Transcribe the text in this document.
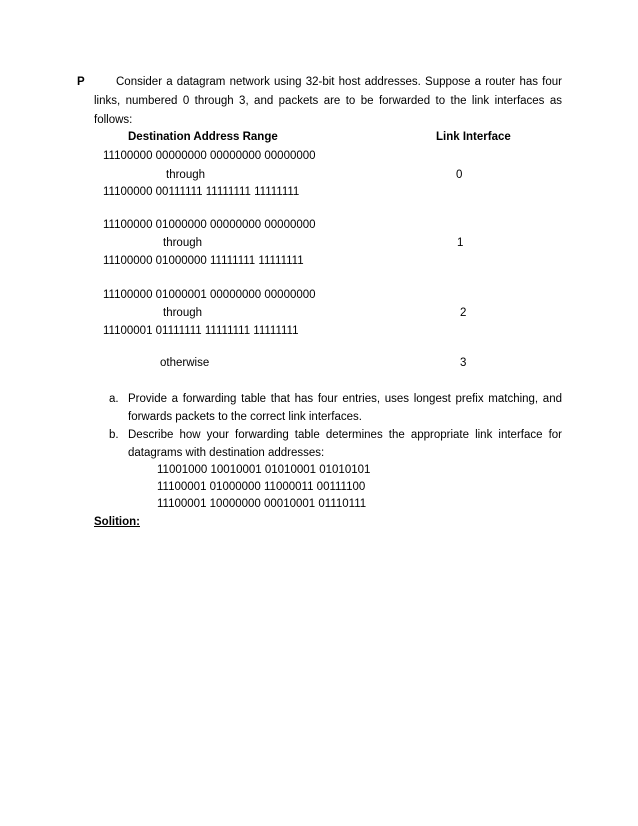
P	Consider a datagram network using 32-bit host addresses. Suppose a router has four
links, numbered 0 through 3, and packets are to be forwarded to the link interfaces as
follows:
Destination Address Range	Link Interface
11100000 00000000 00000000 00000000
through	0
11100000 00111111 11111111 11111111
11100000 01000000 00000000 00000000
through	1
11100000 01000000 11111111 11111111
11100000 01000001 00000000 00000000
through	2
11100001 01111111 11111111 11111111
otherwise	3
a. Provide a forwarding table that has four entries, uses longest prefix matching, and
forwards packets to the correct link interfaces.
b. Describe how your forwarding table determines the appropriate link interface for
datagrams with destination addresses:
11001000 10010001 01010001 01010101
11100001 01000000 11000011 00111100
11100001 10000000 00010001 01110111
Solition:
